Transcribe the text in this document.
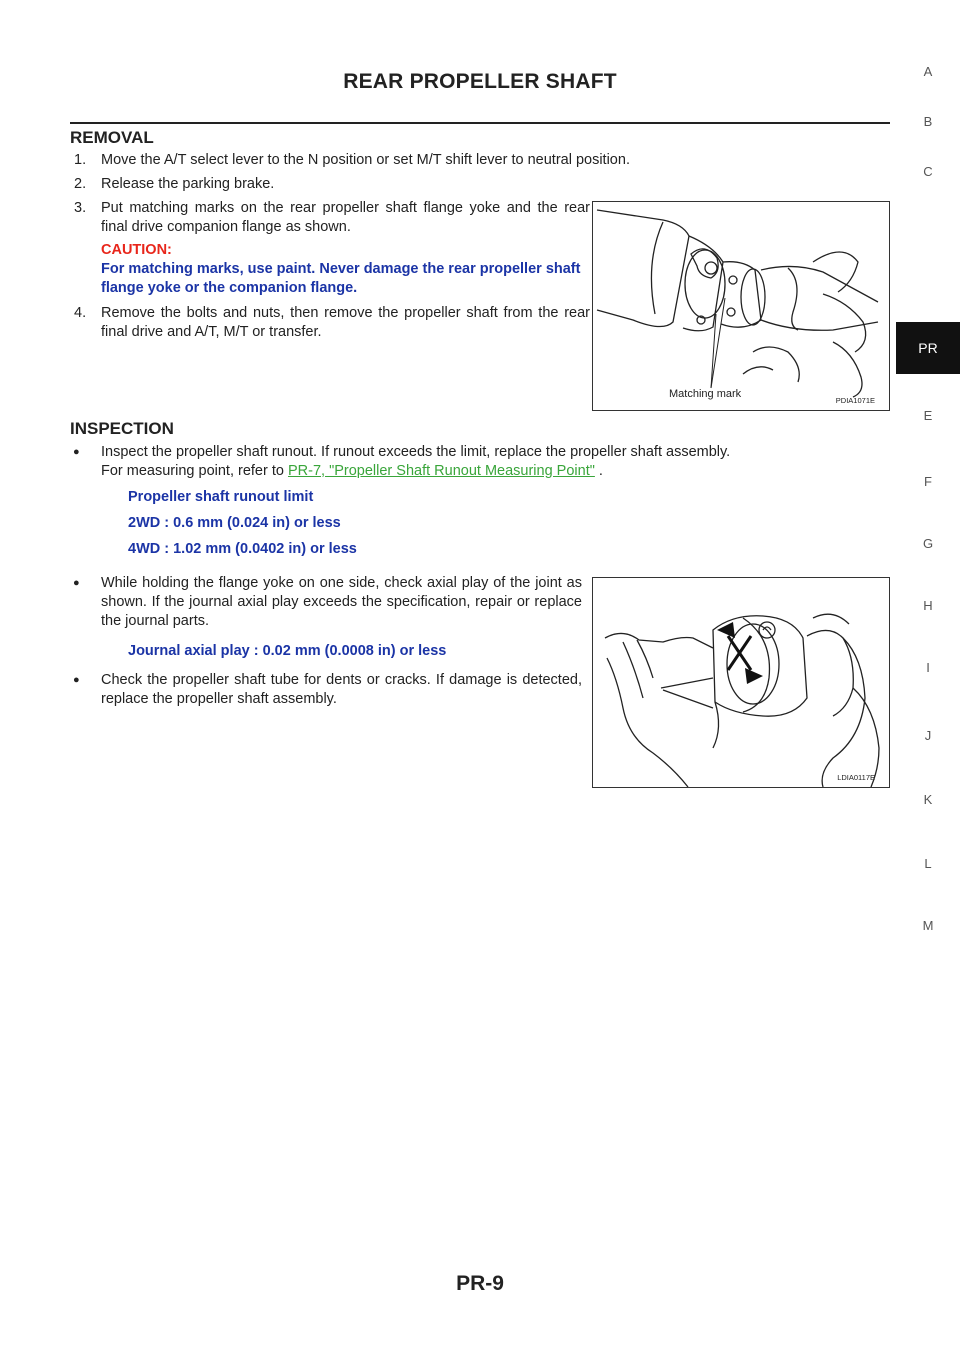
REAR PROPELLER SHAFT
REMOVAL
1. Move the A/T select lever to the N position or set M/T shift lever to neutral position.
2. Release the parking brake.
3. Put matching marks on the rear propeller shaft flange yoke and the rear final drive companion flange as shown.
CAUTION:
For matching marks, use paint. Never damage the rear propeller shaft flange yoke or the companion flange.
4. Remove the bolts and nuts, then remove the propeller shaft from the rear final drive and A/T, M/T or transfer.
Matching mark
PDIA1071E
INSPECTION
● Inspect the propeller shaft runout. If runout exceeds the limit, replace the propeller shaft assembly.
For measuring point, refer to PR-7, "Propeller Shaft Runout Measuring Point" .
Propeller shaft runout limit
2WD : 0.6 mm (0.024 in) or less
4WD : 1.02 mm (0.0402 in) or less
● While holding the flange yoke on one side, check axial play of the joint as shown. If the journal axial play exceeds the specification, repair or replace the journal parts.
Journal axial play : 0.02 mm (0.0008 in) or less
● Check the propeller shaft tube for dents or cracks. If damage is detected, replace the propeller shaft assembly.
LDIA0117E
A
B
C
PR
E
F
G
H
I
J
K
L
M
PR-9
